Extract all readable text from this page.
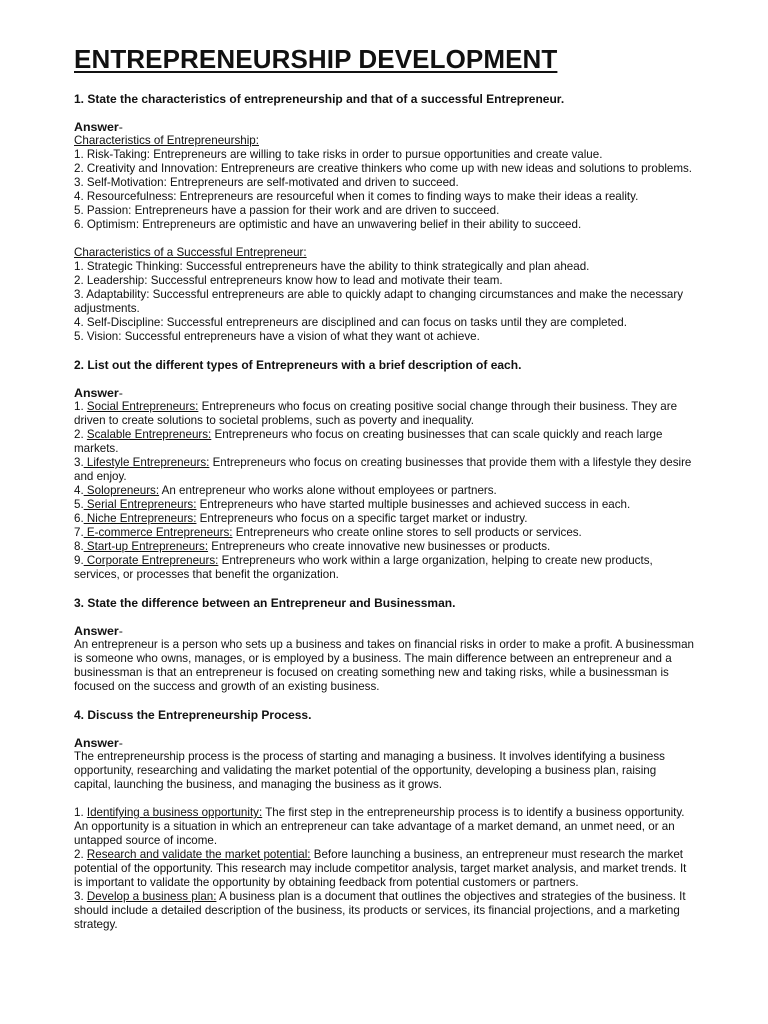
ENTREPRENEURSHIP DEVELOPMENT
1. State the characteristics of entrepreneurship and that of a successful Entrepreneur.
Answer-
Characteristics of Entrepreneurship:
1. Risk-Taking: Entrepreneurs are willing to take risks in order to pursue opportunities and create value.
2. Creativity and Innovation: Entrepreneurs are creative thinkers who come up with new ideas and solutions to problems.
3. Self-Motivation: Entrepreneurs are self-motivated and driven to succeed.
4. Resourcefulness: Entrepreneurs are resourceful when it comes to finding ways to make their ideas a reality.
5. Passion: Entrepreneurs have a passion for their work and are driven to succeed.
6. Optimism: Entrepreneurs are optimistic and have an unwavering belief in their ability to succeed.
Characteristics of a Successful Entrepreneur:
1. Strategic Thinking: Successful entrepreneurs have the ability to think strategically and plan ahead.
2. Leadership: Successful entrepreneurs know how to lead and motivate their team.
3. Adaptability: Successful entrepreneurs are able to quickly adapt to changing circumstances and make the necessary adjustments.
4. Self-Discipline: Successful entrepreneurs are disciplined and can focus on tasks until they are completed.
5. Vision: Successful entrepreneurs have a vision of what they want ot achieve.
2. List out the different types of Entrepreneurs with a brief description of each.
Answer-
1. Social Entrepreneurs: Entrepreneurs who focus on creating positive social change through their business. They are driven to create solutions to societal problems, such as poverty and inequality.
2. Scalable Entrepreneurs: Entrepreneurs who focus on creating businesses that can scale quickly and reach large markets.
3. Lifestyle Entrepreneurs: Entrepreneurs who focus on creating businesses that provide them with a lifestyle they desire and enjoy.
4. Solopreneurs: An entrepreneur who works alone without employees or partners.
5. Serial Entrepreneurs: Entrepreneurs who have started multiple businesses and achieved success in each.
6. Niche Entrepreneurs: Entrepreneurs who focus on a specific target market or industry.
7. E-commerce Entrepreneurs: Entrepreneurs who create online stores to sell products or services.
8. Start-up Entrepreneurs: Entrepreneurs who create innovative new businesses or products.
9. Corporate Entrepreneurs: Entrepreneurs who work within a large organization, helping to create new products, services, or processes that benefit the organization.
3. State the difference between an Entrepreneur and Businessman.
Answer-
An entrepreneur is a person who sets up a business and takes on financial risks in order to make a profit. A businessman is someone who owns, manages, or is employed by a business. The main difference between an entrepreneur and a businessman is that an entrepreneur is focused on creating something new and taking risks, while a businessman is focused on the success and growth of an existing business.
4. Discuss the Entrepreneurship Process.
Answer-
The entrepreneurship process is the process of starting and managing a business. It involves identifying a business opportunity, researching and validating the market potential of the opportunity, developing a business plan, raising capital, launching the business, and managing the business as it grows.
1. Identifying a business opportunity: The first step in the entrepreneurship process is to identify a business opportunity. An opportunity is a situation in which an entrepreneur can take advantage of a market demand, an unmet need, or an untapped source of income.
2. Research and validate the market potential: Before launching a business, an entrepreneur must research the market potential of the opportunity. This research may include competitor analysis, target market analysis, and market trends. It is important to validate the opportunity by obtaining feedback from potential customers or partners.
3. Develop a business plan: A business plan is a document that outlines the objectives and strategies of the business. It should include a detailed description of the business, its products or services, its financial projections, and a marketing strategy.
